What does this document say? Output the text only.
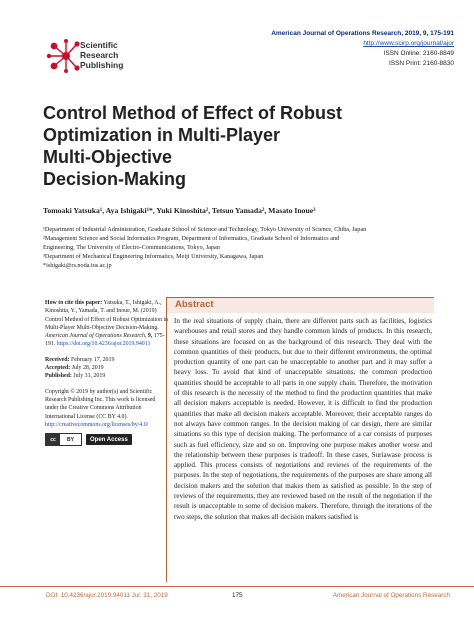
Scientific
Research
Publishing
American Journal of Operations Research, 2019, 9, 175-191
http://www.scirp.org/journal/ajor
ISSN Online: 2160-8849
ISSN Print: 2160-8830
Control Method of Effect of Robust
Optimization in Multi-Player
Multi-Objective
Decision-Making
Tomoaki Yatsuka¹, Aya Ishigaki¹*, Yuki Kinoshita², Tetsuo Yamada², Masato Inoue³
¹Department of Industrial Administration, Graduate School of Science and Technology, Tokyo University of Science, Chiba, Japan
²Management Science and Social Informatics Program, Department of Informatics, Graduate School of Informatics and
Engineering, The University of Electro-Communications, Tokyo, Japan
³Department of Mechanical Engineering Informatics, Meiji University, Kanagawa, Japan
*ishigaki@rs.noda.tus.ac.jp

How to cite this paper: Yatsuka, T., Ishigaki, A., Kinoshita, Y., Yamada, T. and Inoue, M. (2019) Control Method of Effect of Robust Optimization in Multi-Player Multi-Objective Decision-Making. American Journal of Operations Research, 9, 175-191. https://doi.org/10.4236/ajor.2019.94011

Received: February 17, 2019
Accepted: July 28, 2019
Published: July 31, 2019

Copyright © 2019 by author(s) and Scientific Research Publishing Inc. This work is licensed under the Creative Commons Attribution International License (CC BY 4.0).
http://creativecommons.org/licenses/by/4.0/

cc	BY	Open Access
Abstract
In the real situations of supply chain, there are different parts such as facilities, logistics warehouses and retail stores and they handle common kinds of products. In this research, these situations are focused on as the background of this research. They deal with the common quantities of their products, but due to their different environments, the optimal production quantity of one part can be unacceptable to another part and it may suffer a heavy loss. To avoid that kind of unacceptable situations, the common production quantities should be acceptable to all parts in one supply chain. Therefore, the motivation of this research is the necessity of the method to find the production quantities that make all decision makers acceptable is needed. However, it is difficult to find the production quantities that make all decision makers acceptable. Moreover, their acceptable ranges do not always have common ranges. In the decision making of car design, there are similar situations so this type of decision making. The performance of a car consists of purposes such as fuel efficiency, size and so on. Improving one purpose makes another worse and the relationship between these purposes is tradeoff. In these cases, Suriawase process is applied. This process consists of negotiations and reviews of the requirements of the purposes. In the step of negotiations, the requirements of the purposes are share among all decision makers and the solution that makes them as satisfied as possible. In the step of reviews of the requirements, they are reviewed based on the result of the negotiation if the result is unacceptable to some of decision makers. Therefore, through the iterations of the two steps, the solution that makes all decision makers satisfied is
DOI: 10.4236/ajor.2019.94011 Jul. 31, 2019	175	American Journal of Operations Research
